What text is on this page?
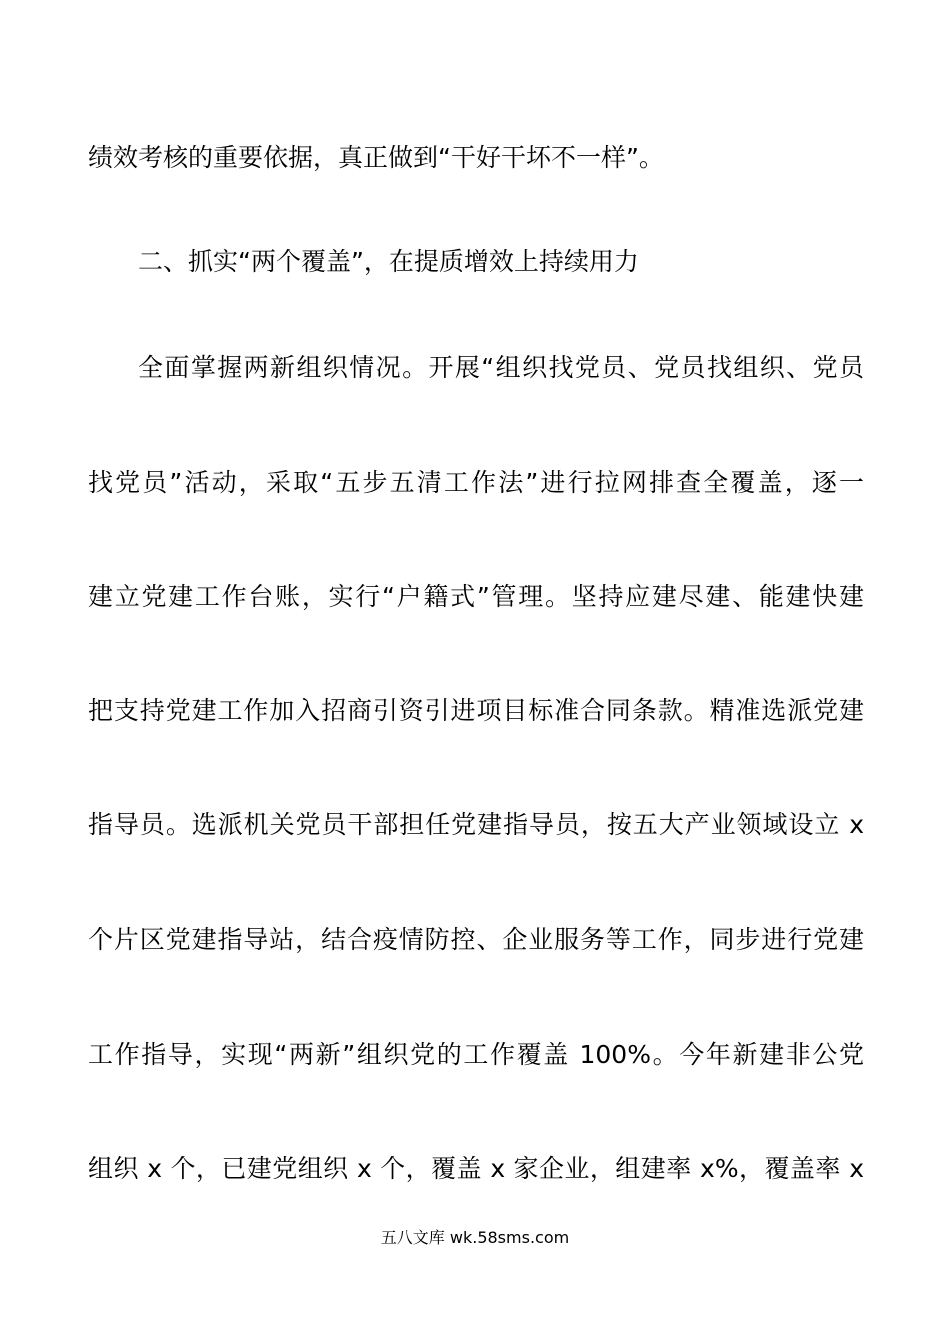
绩效考核的重要依据，真正做到“干好干坏不一样”。
二、抓实“两个覆盖”，在提质增效上持续用力
全面掌握两新组织情况。开展“组织找党员、党员找组织、党员
找党员”活动，采取“五步五清工作法”进行拉网排查全覆盖，逐一
建立党建工作台账，实行“户籍式”管理。坚持应建尽建、能建快建
把支持党建工作加入招商引资引进项目标准合同条款。精准选派党建
指导员。选派机关党员干部担任党建指导员，按五大产业领域设立 x
个片区党建指导站，结合疫情防控、企业服务等工作，同步进行党建
工作指导，实现“两新”组织党的工作覆盖 100%。今年新建非公党
组织 x 个，已建党组织 x 个，覆盖 x 家企业，组建率 x%，覆盖率 x
五八文库 wk.58sms.com
